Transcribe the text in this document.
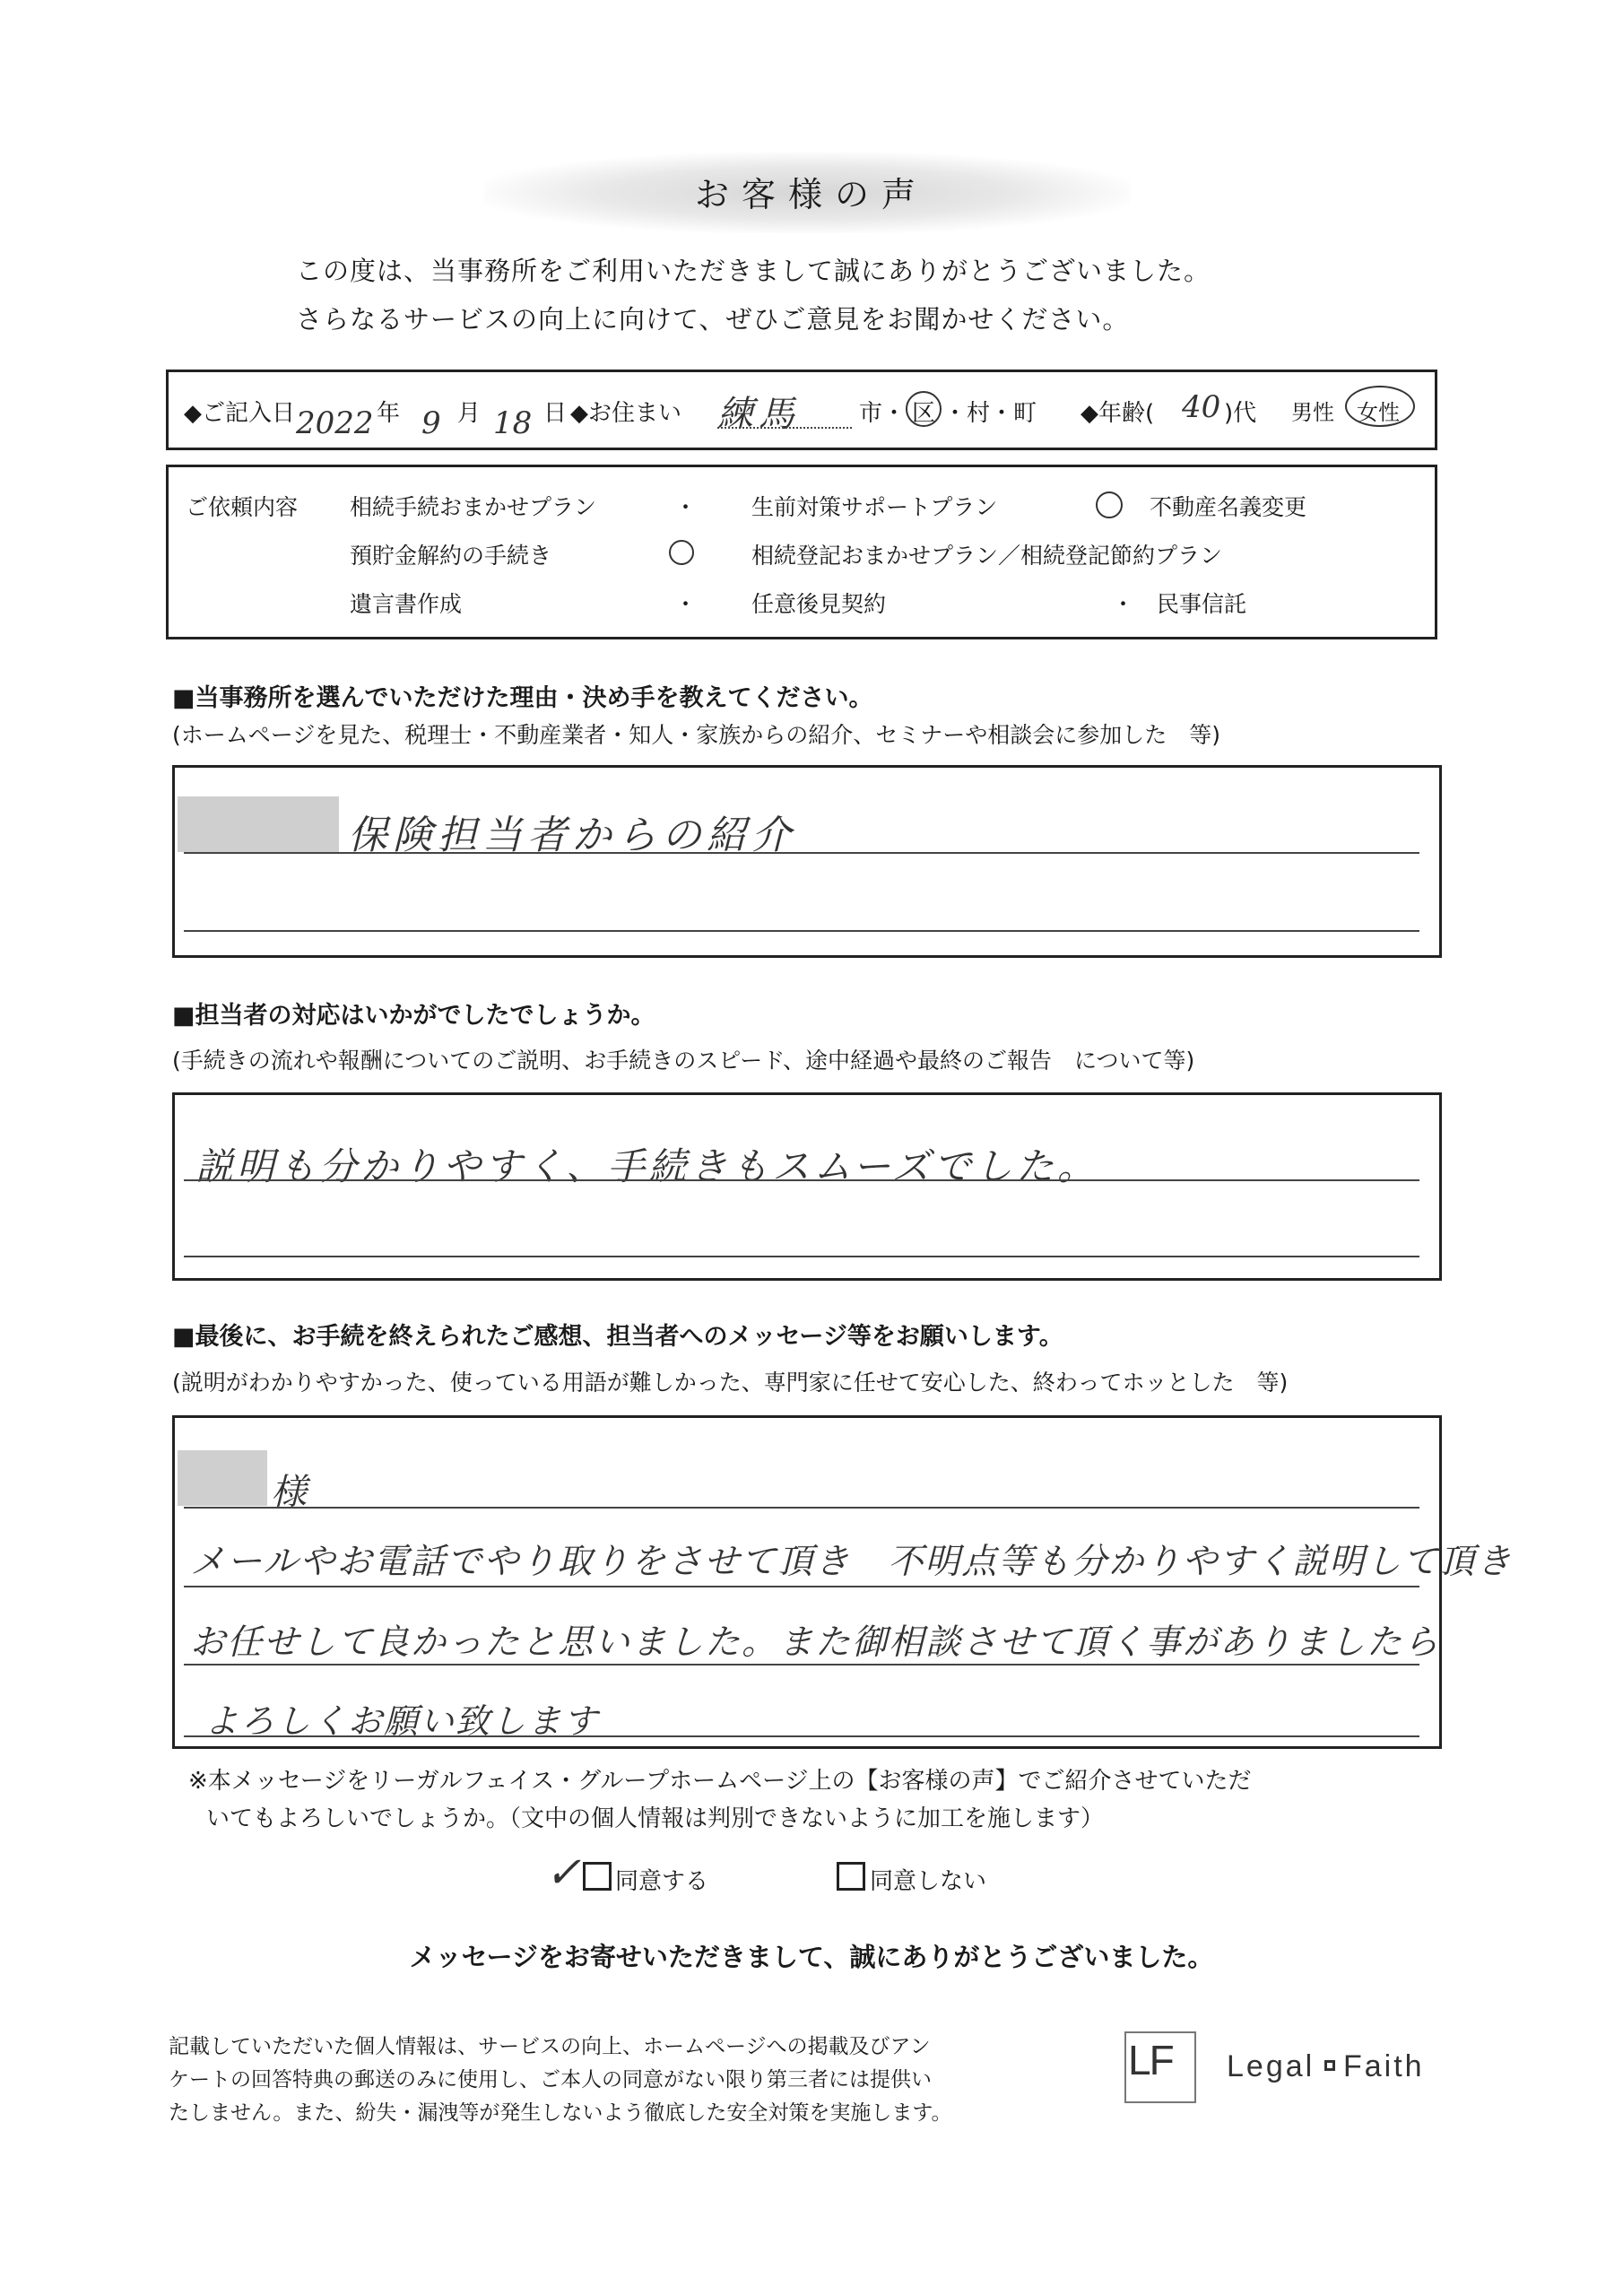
お客様の声
この度は、当事務所をご利用いただきまして誠にありがとうございました。
さらなるサービスの向上に向けて、ぜひご意見をお聞かせください。
◆ご記入日 2022 年 9 月 18 日 ◆お住まい 練馬	市・ 区 ・村・町 ◆年齢( 40 )代 男性 女性
ご依頼内容 相続手続おまかせプラン	・ 生前対策サポートプラン	不動産名義変更
預貯金解約の手続き	相続登記おまかせプラン／相続登記節約プラン
遺言書作成	・ 任意後見契約	・ 民事信託
■当事務所を選んでいただけた理由・決め手を教えてください。
(ホームページを見た、税理士・不動産業者・知人・家族からの紹介、セミナーや相談会に参加した　等)
保険担当者からの紹介
■担当者の対応はいかがでしたでしょうか。
(手続きの流れや報酬についてのご説明、お手続きのスピード、途中経過や最終のご報告　について等)
説明も分かりやすく、手続きもスムーズでした。
■最後に、お手続を終えられたご感想、担当者へのメッセージ等をお願いします。
(説明がわかりやすかった、使っている用語が難しかった、専門家に任せて安心した、終わってホッとした　等)
様
メールやお電話でやり取りをさせて頂き　不明点等も分かりやすく説明して頂き
お任せして良かったと思いました。また御相談させて頂く事がありましたら
よろしくお願い致します
※本メッセージをリーガルフェイス・グループホームページ上の【お客様の声】でご紹介させていただ
いてもよろしいでしょうか。（文中の個人情報は判別できないように加工を施します）
✓ 同意する	同意しない
メッセージをお寄せいただきまして、誠にありがとうございました。
記載していただいた個人情報は、サービスの向上、ホームページへの掲載及びアン
ケートの回答特典の郵送のみに使用し、ご本人の同意がない限り第三者には提供い
たしません。また、紛失・漏洩等が発生しないよう徹底した安全対策を実施します。
LF Legal Faith
